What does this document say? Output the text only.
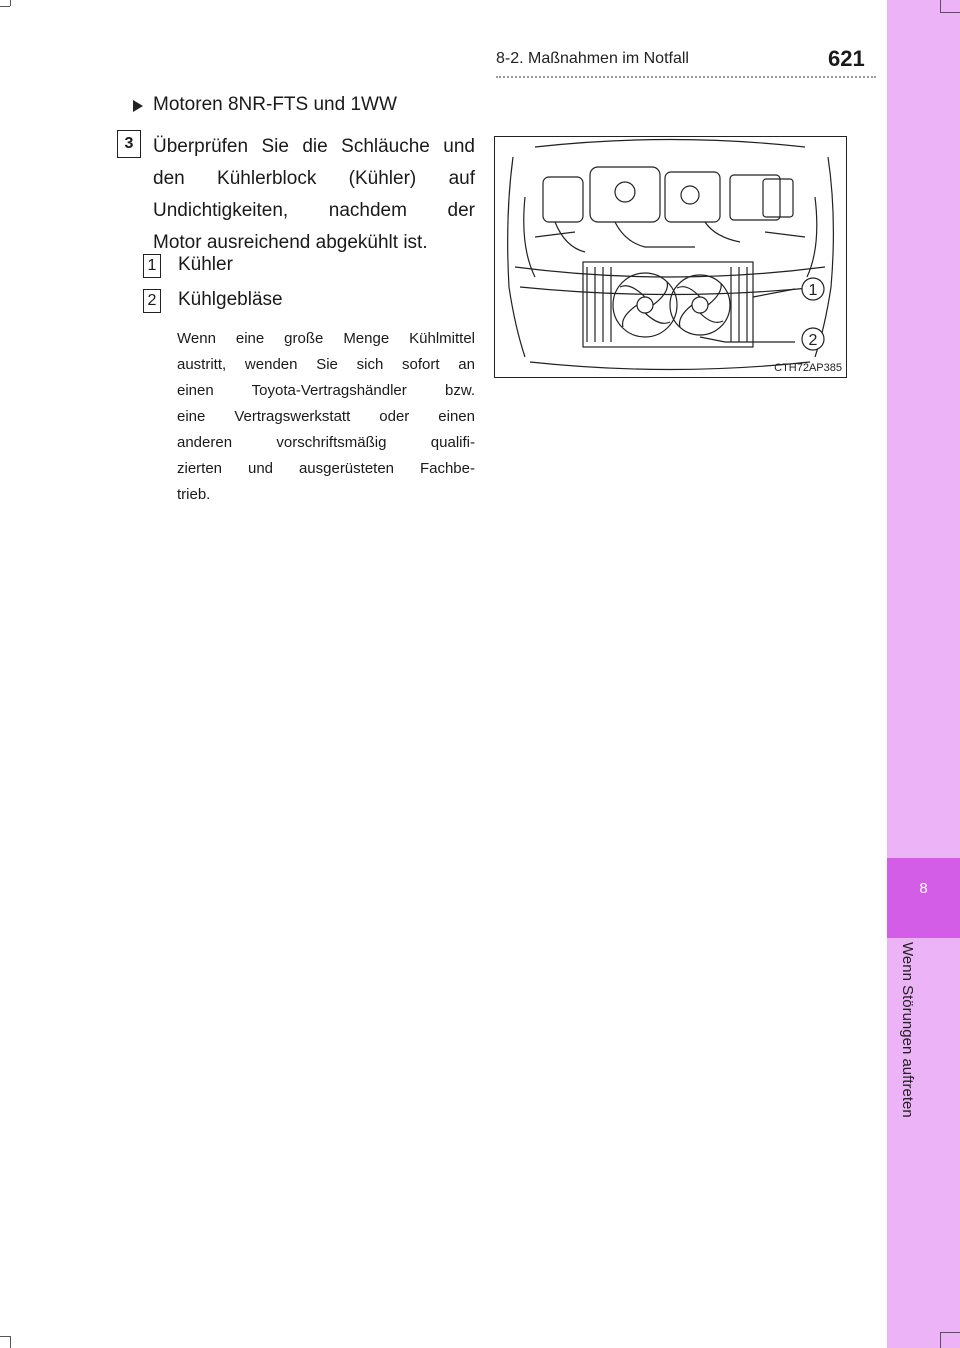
8
Wenn Störungen auftreten
8-2. Maßnahmen im Notfall	621
Motoren 8NR-FTS und 1WW
3	Überprüfen Sie die Schläuche und
den Kühlerblock (Kühler) auf
Undichtigkeiten, nachdem der
Motor ausreichend abgekühlt ist.
1 Kühler
2 Kühlgebläse
Wenn eine große Menge Kühlmittel
austritt, wenden Sie sich sofort an
einen Toyota-Vertragshändler bzw.
eine Vertragswerkstatt oder einen
anderen vorschriftsmäßig qualifi-
zierten und ausgerüsteten Fachbe-
trieb.
1
2
CTH72AP385
